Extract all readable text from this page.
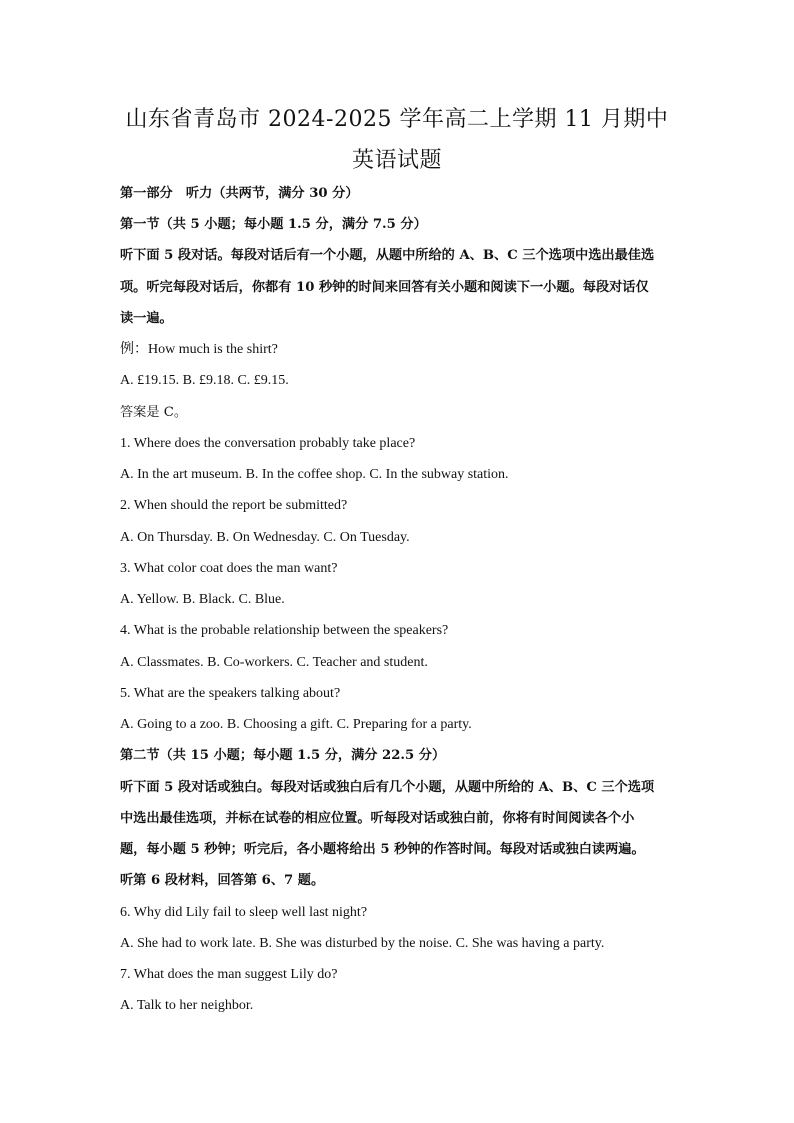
山东省青岛市 2024-2025 学年高二上学期 11 月期中
英语试题

第一部分　听力（共两节，满分 30 分）

第一节（共 5 小题；每小题 1.5 分，满分 7.5 分）

听下面 5 段对话。每段对话后有一个小题，从题中所给的 A、B、C 三个选项中选出最佳选

项。听完每段对话后，你都有 10 秒钟的时间来回答有关小题和阅读下一小题。每段对话仅

读一遍。

例：How much is the shirt?

A. £19.15. B. £9.18. C. £9.15.

答案是 C。

1. Where does the conversation probably take place?

A. In the art museum. B. In the coffee shop. C. In the subway station.

2. When should the report be submitted?

A. On Thursday. B. On Wednesday. C. On Tuesday.

3. What color coat does the man want?

A. Yellow. B. Black. C. Blue.

4. What is the probable relationship between the speakers?

A. Classmates. B. Co-workers. C. Teacher and student.

5. What are the speakers talking about?

A. Going to a zoo. B. Choosing a gift. C. Preparing for a party.

第二节（共 15 小题；每小题 1.5 分，满分 22.5 分）

听下面 5 段对话或独白。每段对话或独白后有几个小题，从题中所给的 A、B、C 三个选项

中选出最佳选项，并标在试卷的相应位置。听每段对话或独白前，你将有时间阅读各个小

题，每小题 5 秒钟；听完后，各小题将给出 5 秒钟的作答时间。每段对话或独白读两遍。

听第 6 段材料，回答第 6、7 题。

6. Why did Lily fail to sleep well last night?

A. She had to work late. B. She was disturbed by the noise. C. She was having a party.

7. What does the man suggest Lily do?

A. Talk to her neighbor.
